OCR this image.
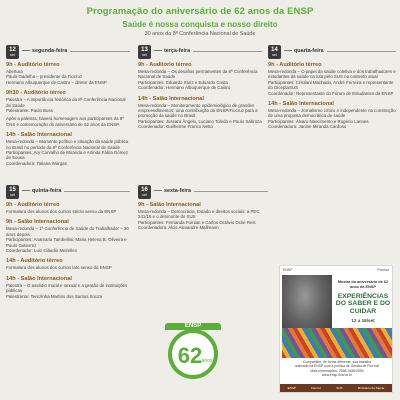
Programação do aniversário de 62 anos da ENSP
Saúde é nossa conquista e nosso direito
30 anos da 8ª Conferência Nacional de Saúde
12
set
segunda-feira
9h - Auditório térreo
Abertura
Paulo Gadelha – presidente da Fiocruz
Hermano Albuquerque de Castro – diretor da ENSP
9h30 - Auditório térreo
Palestra – A importância histórica da 8ª Conferência Nacional de Saúde
Palestrante: Paulo Buss
Após a palestra, haverá homenagem aos participantes da 8ª CNS e comemoração do aniversário de 62 anos da ENSP.
14h - Salão Internacional
Mesa-redonda – Momento político e situação da saúde pública no Brasil no período da 8ª Conferência Nacional de Saúde
Participantes: Ary Carvalho de Miranda e Arlinda Fábia Gómez de Sousa
Coordenadora: Tatiana Wargas
13
set
terça-feira
9h - Auditório térreo
Mesa-redonda – Os desafios permanentes da 8ª Conferência Nacional de Saúde
Participantes: Eduardo Stotz e Eduardo Costa
Coordenador: Hermano Albuquerque de Castro
14h - Salão Internacional
Mesa-redonda – Monitoramento epidemiológico de grandes empreendimentos: uma contribuição da ENSP/Fiocruz para a promoção da saúde no Brasil
Participantes: Jussara Ângelo, Luciano Toledo e Paulo Sabroza
Coordenador: Guilherme Franco Netto
14
set
quarta-feira
9h - Auditório térreo
Mesa-redonda – O papel da saúde coletiva e dos trabalhadores e estudantes da saúde na luta pelo SUS no contexto atual
Participantes: Cristiani Machado, André Ferreira e representante do DiceptaSUS
Coordenador: Representante do Fórum de Estudantes da ENSP
14h - Salão Internacional
Mesa-redonda – Jornalismo crítico e independente na construção de uma proposta democrática de saúde
Participantes: Álvaro Nascimento e Rogério Lannes
Coordenadora: Janine Miranda Cardoso
15
set
quinta-feira
9h - Auditório térreo
Formatura dos alunos dos cursos stricto sensu da ENSP
9h - Salão Internacional
Mesa-redonda – 1ª Conferência de Saúde do Trabalhador – 30 anos depois
Participantes: Anamaria Tambellini, Maria Helena B. Oliveira e Paulo Gutierrez
Coordenador: Luiz Cláudio Meirelles
14h - Auditório térreo
Formatura dos alunos dos cursos lato sensu da ENSP
14h - Salão Internacional
Palestra – O assédio moral e sexual e a gestão de instituições públicas
Palestrante: Terezinha Martins dos Santos Souza
16
set
sexta-feira
9h - Salão Internacional
Mesa-redonda – Democracia, Estado e direitos sociais: a PEC 241/16 e o desmonte do SUS
Participantes: Fernanda Fumian e Carlos Octávio Ocké Reis
Coordenadora: Alcis Alexandre Mallmann
ENSP	Fiocruz
Mostra do aniversário de 62 anos da ENSP
EXPERIÊNCIAS DO SABER E DO CUIDAR
12 a 16/set
Compartilhe, de forma diferente, sua trabalho
realizado na ENSP com a política de Gestão de Fiocruz!
Mais informações: 2598-2686/2690
www.ensp.fiocruz.br
ENSP	Fiocruz	SUS	Ministério da Saúde
62 anos
ENSP
